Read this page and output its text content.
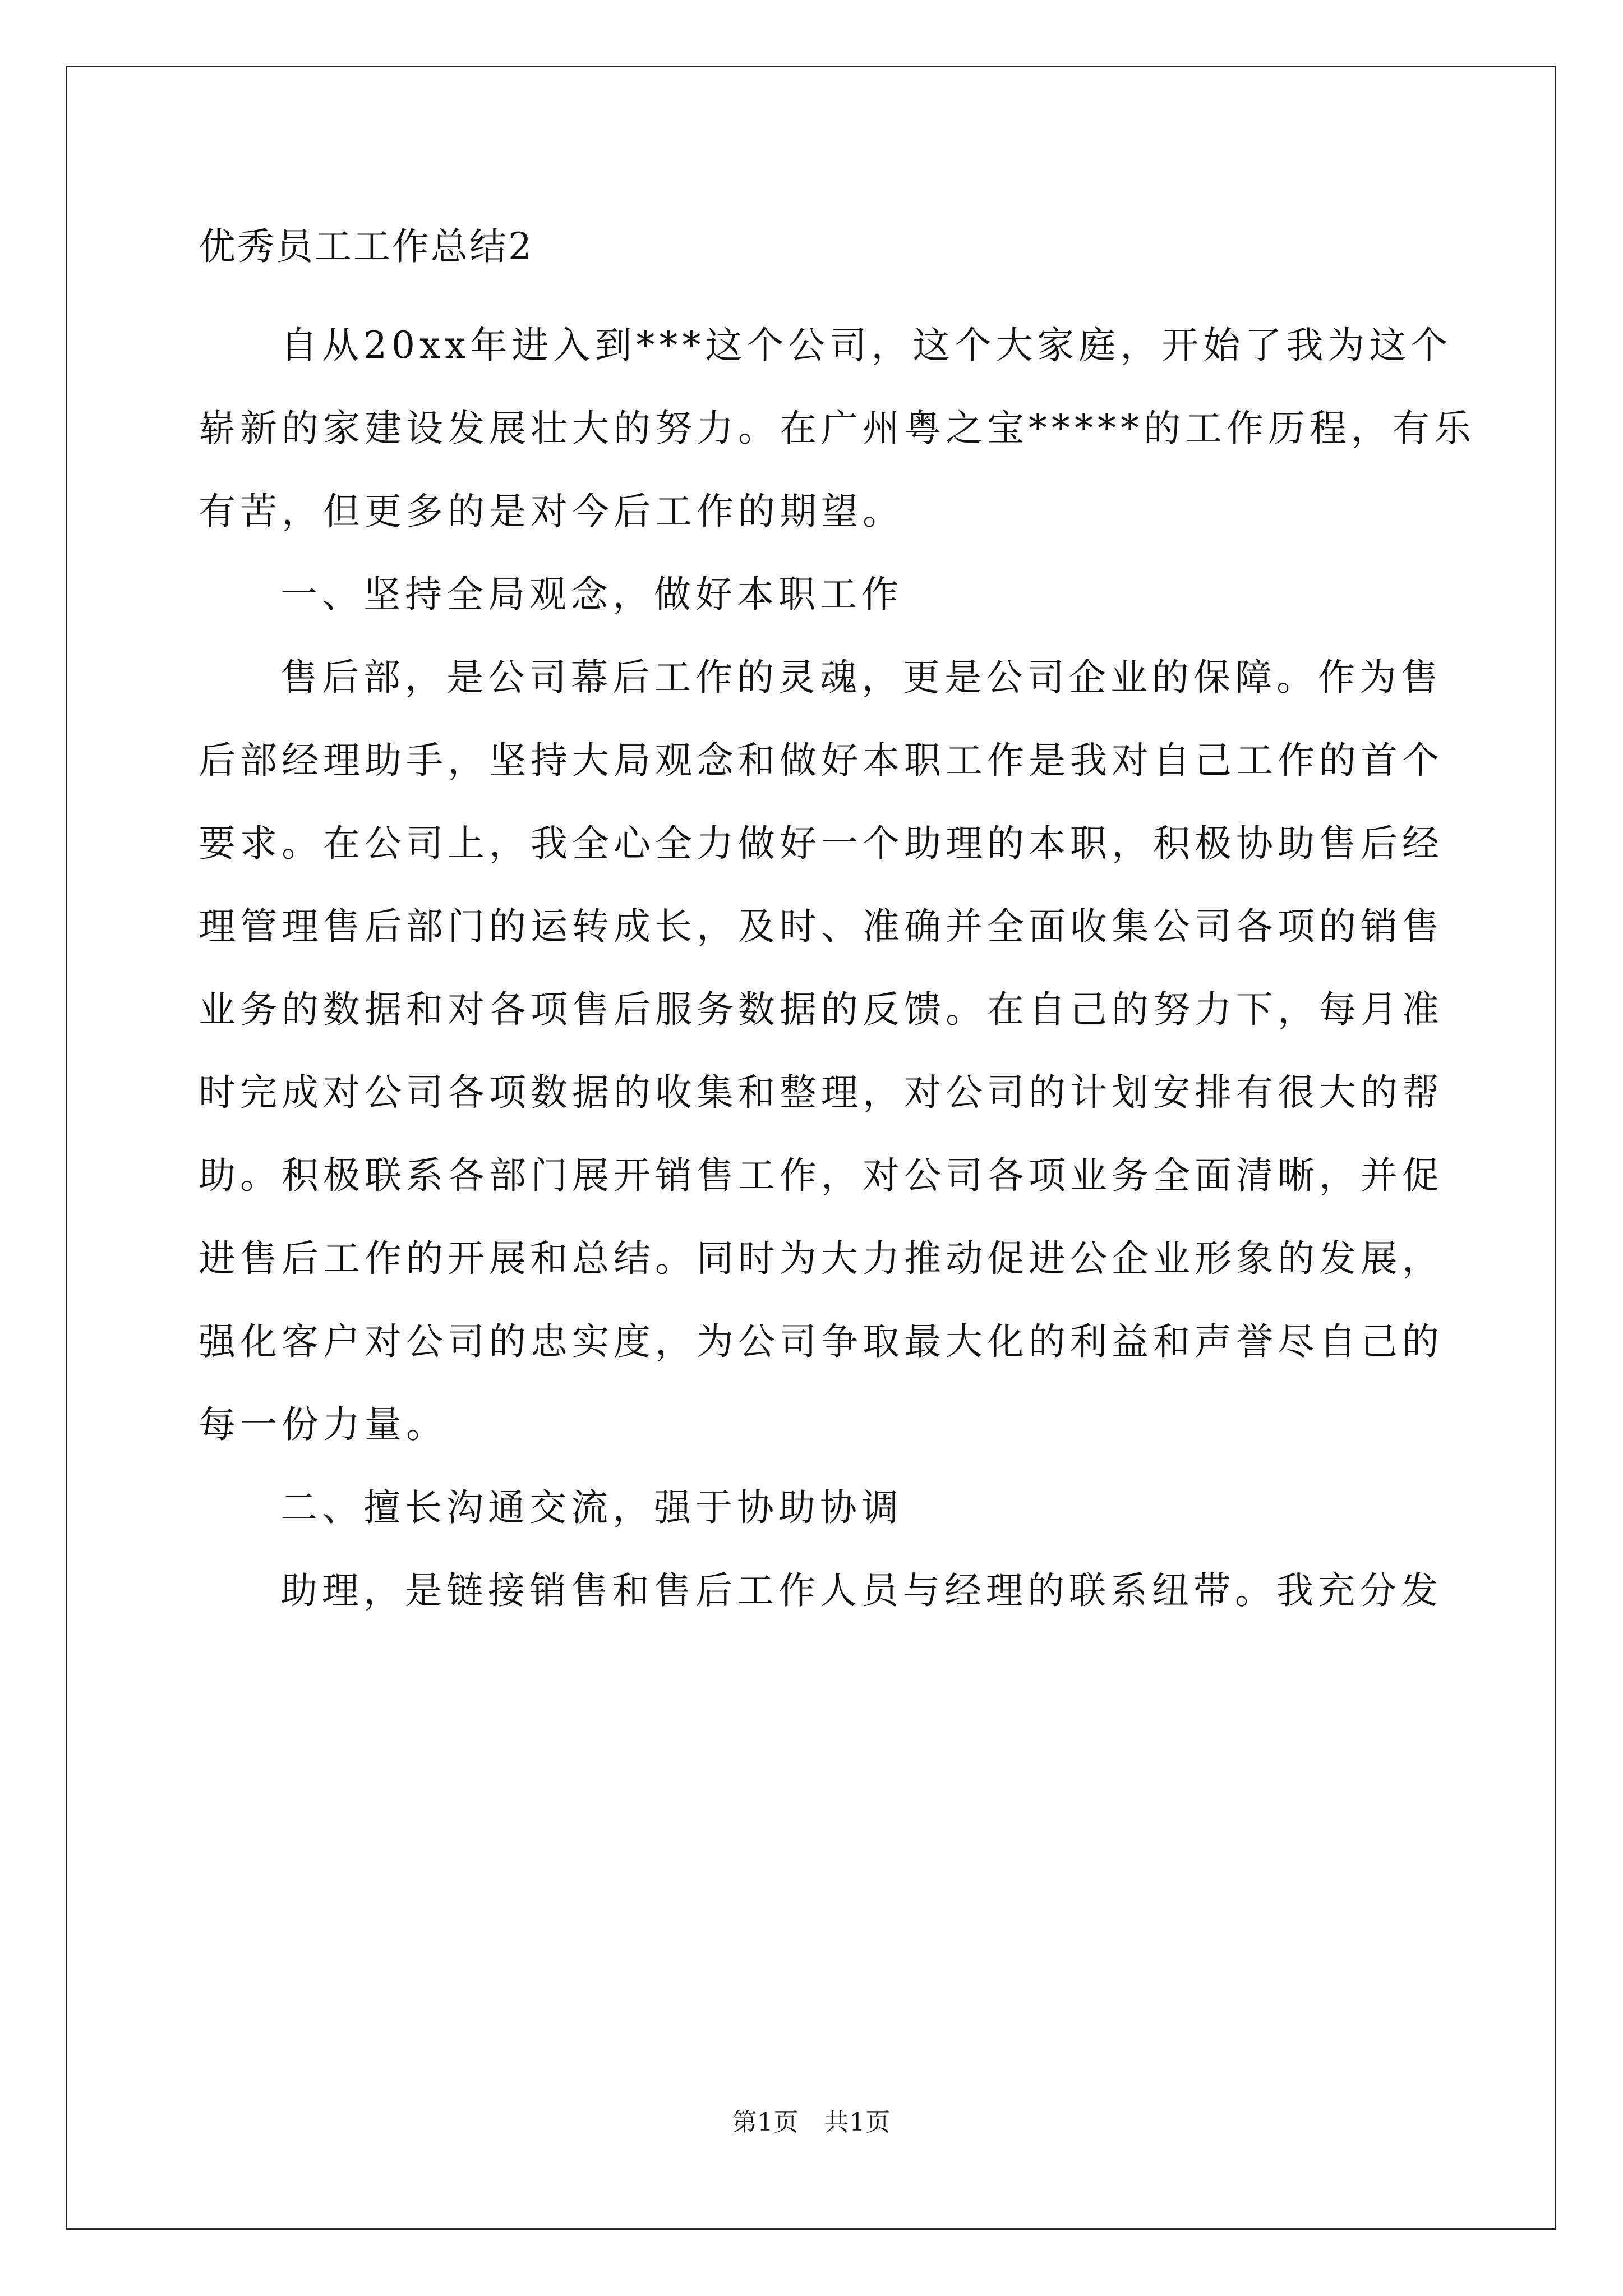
优秀员工工作总结2
自从20xx年进入到***这个公司，这个大家庭，开始了我为这个
崭新的家建设发展壮大的努力。在广州粤之宝*****的工作历程，有乐
有苦，但更多的是对今后工作的期望。
一、坚持全局观念，做好本职工作
售后部，是公司幕后工作的灵魂，更是公司企业的保障。作为售
后部经理助手，坚持大局观念和做好本职工作是我对自己工作的首个
要求。在公司上，我全心全力做好一个助理的本职，积极协助售后经
理管理售后部门的运转成长，及时、准确并全面收集公司各项的销售
业务的数据和对各项售后服务数据的反馈。在自己的努力下，每月准
时完成对公司各项数据的收集和整理，对公司的计划安排有很大的帮
助。积极联系各部门展开销售工作，对公司各项业务全面清晰，并促
进售后工作的开展和总结。同时为大力推动促进公企业形象的发展，
强化客户对公司的忠实度，为公司争取最大化的利益和声誉尽自己的
每一份力量。
二、擅长沟通交流，强于协助协调
助理，是链接销售和售后工作人员与经理的联系纽带。我充分发
第1页   共1页
